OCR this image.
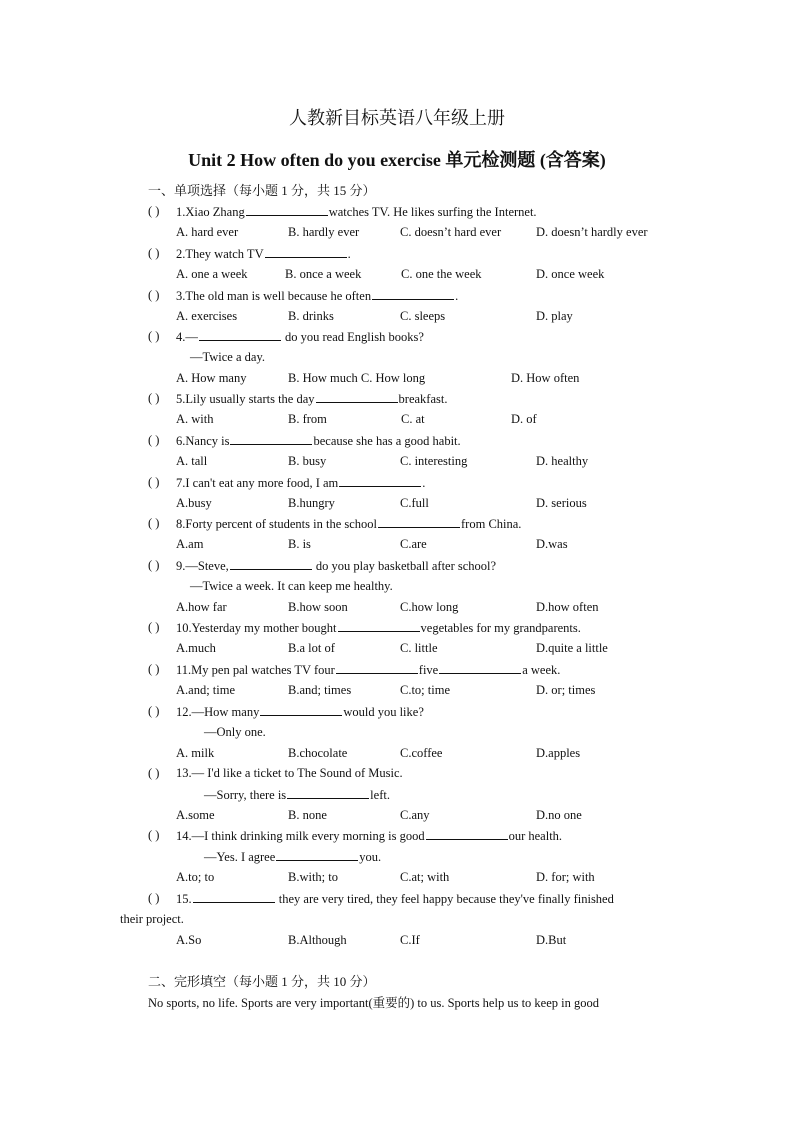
人教新目标英语八年级上册
Unit 2 How often do you exercise 单元检测题 (含答案)
一、单项选择（每小题 1 分，共 15 分）
( ) 1.Xiao Zhang	watches TV. He likes surfing the Internet.
A. hard ever	B. hardly ever	C. doesn’t hard ever	D. doesn’t hardly ever
( ) 2.They watch TV	.
A. one a week	B. once a week	C. one the week	D. once week
( ) 3.The old man is well because he often	.
A. exercises	B. drinks	C. sleeps	D. play
( ) 4.—	do you read English books?
—Twice a day.
A. How many	B. How much C. How long	D. How often
( ) 5.Lily usually starts the day	breakfast.
A. with	B. from	C. at	D. of
( ) 6.Nancy is	because she has a good habit.
A. tall	B. busy	C. interesting	D. healthy
( ) 7.I can't eat any more food, I am	.
A.busy	B.hungry	C.full	D. serious
( ) 8.Forty percent of students in the school	from China.
A.am	B. is	C.are	D.was
( ) 9.—Steve,	do you play basketball after school?
—Twice a week. It can keep me healthy.
A.how far	B.how soon	C.how long	D.how often
( ) 10.Yesterday my mother bought	vegetables for my grandparents.
A.much	B.a lot of	C. little	D.quite a little
( ) 11.My pen pal watches TV four	five	a week.
A.and; time	B.and; times	C.to; time	D. or; times
( ) 12.—How many	would you like?
—Only one.
A. milk	B.chocolate	C.coffee	D.apples
( ) 13.— I'd like a ticket to The Sound of Music.
—Sorry, there is	left.
A.some	B. none	C.any	D.no one
( ) 14.—I think drinking milk every morning is good	our health.
—Yes. I agree	you.
A.to; to	B.with; to	C.at; with	D. for; with
( ) 15.	they are very tired, they feel happy because they've finally finished
their project.
A.So	B.Although	C.If	D.But
二、完形填空（每小题 1 分，共 10 分）
No sports, no life. Sports are very important(重要的) to us. Sports help us to keep in good
